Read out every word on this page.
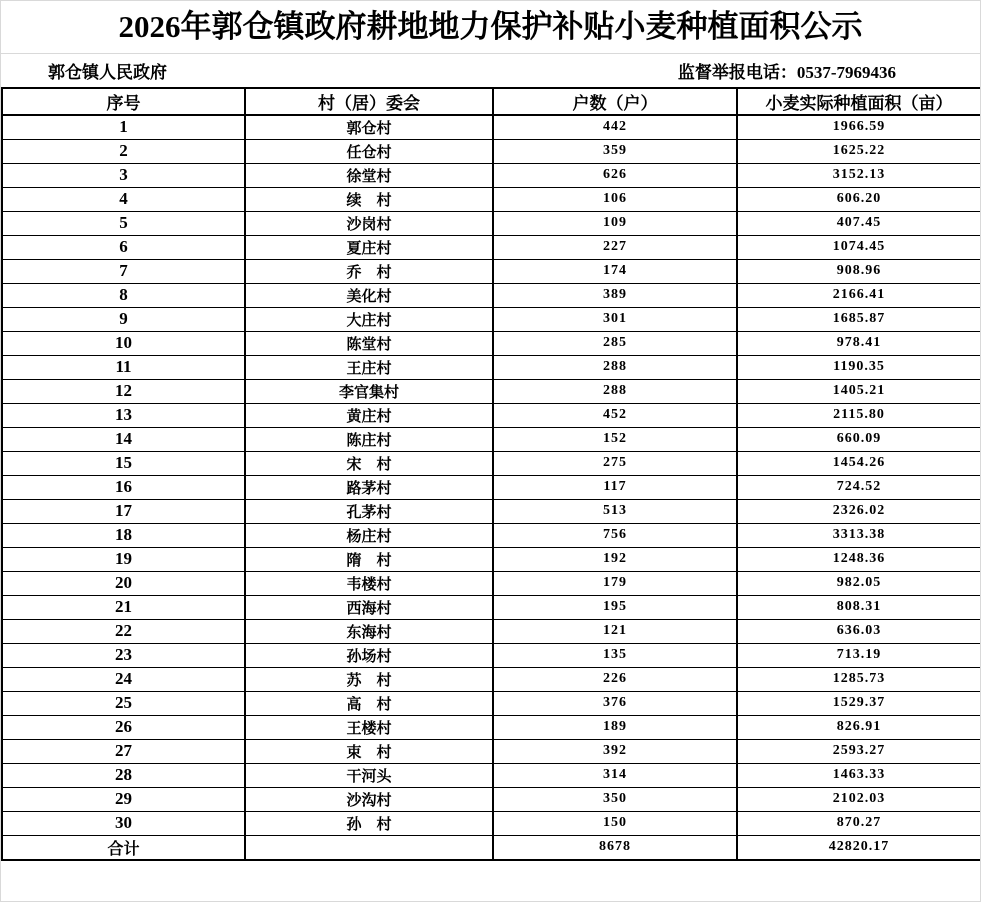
2026年郭仓镇政府耕地地力保护补贴小麦种植面积公示
郭仓镇人民政府	监督举报电话：0537-7969436
序号	村（居）委会	户数（户）	小麦实际种植面积（亩）
1	郭仓村	442	1966.59
2	任仓村	359	1625.22
3	徐堂村	626	3152.13
4	续　村	106	606.20
5	沙岗村	109	407.45
6	夏庄村	227	1074.45
7	乔　村	174	908.96
8	美化村	389	2166.41
9	大庄村	301	1685.87
10	陈堂村	285	978.41
11	王庄村	288	1190.35
12	李官集村	288	1405.21
13	黄庄村	452	2115.80
14	陈庄村	152	660.09
15	宋　村	275	1454.26
16	路茅村	117	724.52
17	孔茅村	513	2326.02
18	杨庄村	756	3313.38
19	隋　村	192	1248.36
20	韦楼村	179	982.05
21	西海村	195	808.31
22	东海村	121	636.03
23	孙场村	135	713.19
24	苏　村	226	1285.73
25	高　村	376	1529.37
26	王楼村	189	826.91
27	束　村	392	2593.27
28	干河头	314	1463.33
29	沙沟村	350	2102.03
30	孙　村	150	870.27
合计		8678	42820.17
